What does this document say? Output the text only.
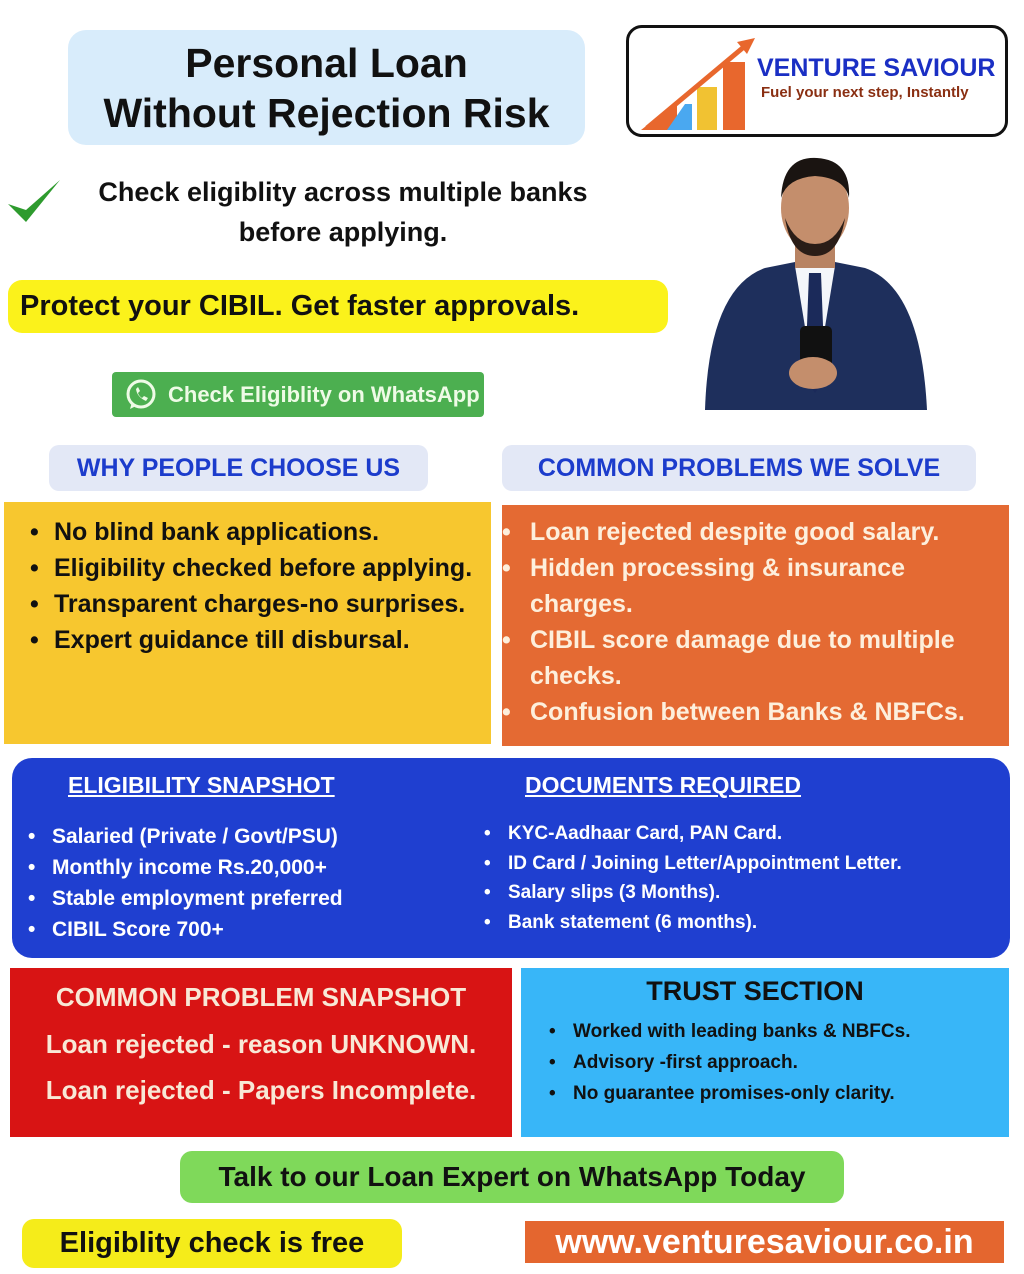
Personal Loan
Without Rejection Risk
VENTURE SAVIOUR
Fuel your next step, Instantly
Check eligiblity across multiple banks
before applying.
Protect your CIBIL. Get faster approvals.
Check Eligiblity on WhatsApp
WHY PEOPLE CHOOSE US	COMMON PROBLEMS WE SOLVE
• No blind bank applications.
• Eligibility checked before applying.
• Transparent charges-no surprises.
• Expert guidance till disbursal.
• Loan rejected despite good salary.
• Hidden processing & insurance charges.
• CIBIL score damage due to multiple checks.
• Confusion between Banks & NBFCs.
ELIGIBILITY SNAPSHOT
• Salaried (Private / Govt/PSU)
• Monthly income Rs.20,000+
• Stable employment preferred
• CIBIL Score 700+
DOCUMENTS REQUIRED
• KYC-Aadhaar Card, PAN Card.
• ID Card / Joining Letter/Appointment Letter.
• Salary slips (3 Months).
• Bank statement (6 months).
COMMON PROBLEM SNAPSHOT
Loan rejected - reason UNKNOWN.
Loan rejected - Papers Incomplete.
TRUST SECTION
• Worked with leading banks & NBFCs.
• Advisory -first approach.
• No guarantee promises-only clarity.
Talk to our Loan Expert on WhatsApp Today
Eligiblity check is free	www.venturesaviour.co.in
